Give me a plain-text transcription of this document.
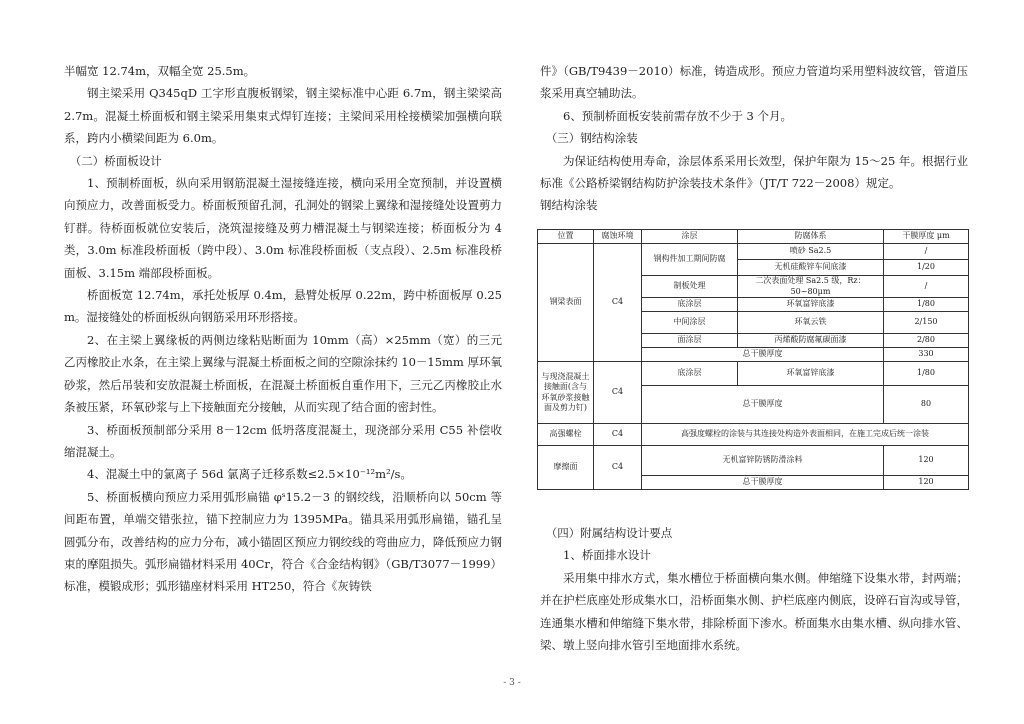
半幅宽 12.74m，双幅全宽 25.5m。

钢主梁采用 Q345qD 工字形直腹板钢梁，钢主梁标准中心距 6.7m，钢主梁梁高 2.7m。混凝土桥面板和钢主梁采用集束式焊钉连接；主梁间采用栓接横梁加强横向联系，跨内小横梁间距为 6.0m。

（二）桥面板设计

1、预制桥面板，纵向采用钢筋混凝土湿接缝连接，横向采用全宽预制，并设置横向预应力，改善面板受力。桥面板预留孔洞，孔洞处的钢梁上翼缘和湿接缝处设置剪力钉群。待桥面板就位安装后，浇筑湿接缝及剪力槽混凝土与钢梁连接；桥面板分为 4 类，3.0m 标准段桥面板（跨中段）、3.0m 标准段桥面板（支点段）、2.5m 标准段桥面板、3.15m 端部段桥面板。

桥面板宽 12.74m，承托处板厚 0.4m，悬臂处板厚 0.22m，跨中桥面板厚 0.25m。湿接缝处的桥面板纵向钢筋采用环形搭接。

2、在主梁上翼缘板的两侧边缘粘贴断面为 10mm（高）×25mm（宽）的三元乙丙橡胶止水条，在主梁上翼缘与混凝土桥面板之间的空隙涂抹约 10－15mm 厚环氧砂浆，然后吊装和安放混凝土桥面板，在混凝土桥面板自重作用下，三元乙丙橡胶止水条被压紧，环氧砂浆与上下接触面充分接触，从而实现了结合面的密封性。

3、桥面板预制部分采用 8－12cm 低坍落度混凝土，现浇部分采用 C55 补偿收缩混凝土。

4、混凝土中的氯离子 56d 氯离子迁移系数≤2.5×10⁻¹²m²/s。

5、桥面板横向预应力采用弧形扁锚 φˢ15.2－3 的钢绞线，沿顺桥向以 50cm 等间距布置，单端交错张拉，锚下控制应力为 1395MPa。锚具采用弧形扁锚，锚孔呈圆弧分布，改善结构的应力分布，减小锚固区预应力钢绞线的弯曲应力，降低预应力钢束的摩阻损失。弧形扁锚材料采用 40Cr，符合《合金结构钢》（GB/T3077－1999）标准，模锻成形；弧形锚座材料采用 HT250，符合《灰铸铁

件》（GB/T9439－2010）标准，铸造成形。预应力管道均采用塑料波纹管，管道压浆采用真空辅助法。

6、预制桥面板安装前需存放不少于 3 个月。

（三）钢结构涂装

为保证结构使用寿命，涂层体系采用长效型，保护年限为 15～25 年。根据行业标准《公路桥梁钢结构防护涂装技术条件》（JT/T 722－2008）规定。

钢结构涂装

位置	腐蚀环境	涂层	防腐体系	干膜厚度 μm
钢梁表面	C4	钢构件加工期间防腐	喷砂 Sa2.5	/
			无机硅酸锌车间底漆	1/20
		制板处理	二次表面处理 Sa2.5 级，Rz：50~80μm	/
		底涂层	环氧富锌底漆	1/80
		中间涂层	环氧云铁	2/150
		面涂层	丙烯酸防腐氟碳面漆	2/80
		总干膜厚度		330
与现浇混凝土接触面(含与环氧砂浆接触面及剪力钉)	C4	底涂层	环氧富锌底漆	1/80
		总干膜厚度		80
高强螺栓	C4	高强度螺栓的涂装与其连接处构造外表面相同，在施工完成后统一涂装		
摩擦面	C4	无机富锌防锈防滑涂料		120
		总干膜厚度		120

（四）附属结构设计要点

1、桥面排水设计

采用集中排水方式，集水槽位于桥面横向集水侧。伸缩缝下设集水带，封两端；并在护栏底座处形成集水口，沿桥面集水侧、护栏底座内侧底，设碎石盲沟或导管，连通集水槽和伸缩缝下集水带，排除桥面下渗水。桥面集水由集水槽、纵向排水管、梁、墩上竖向排水管引至地面排水系统。

- 3 -
